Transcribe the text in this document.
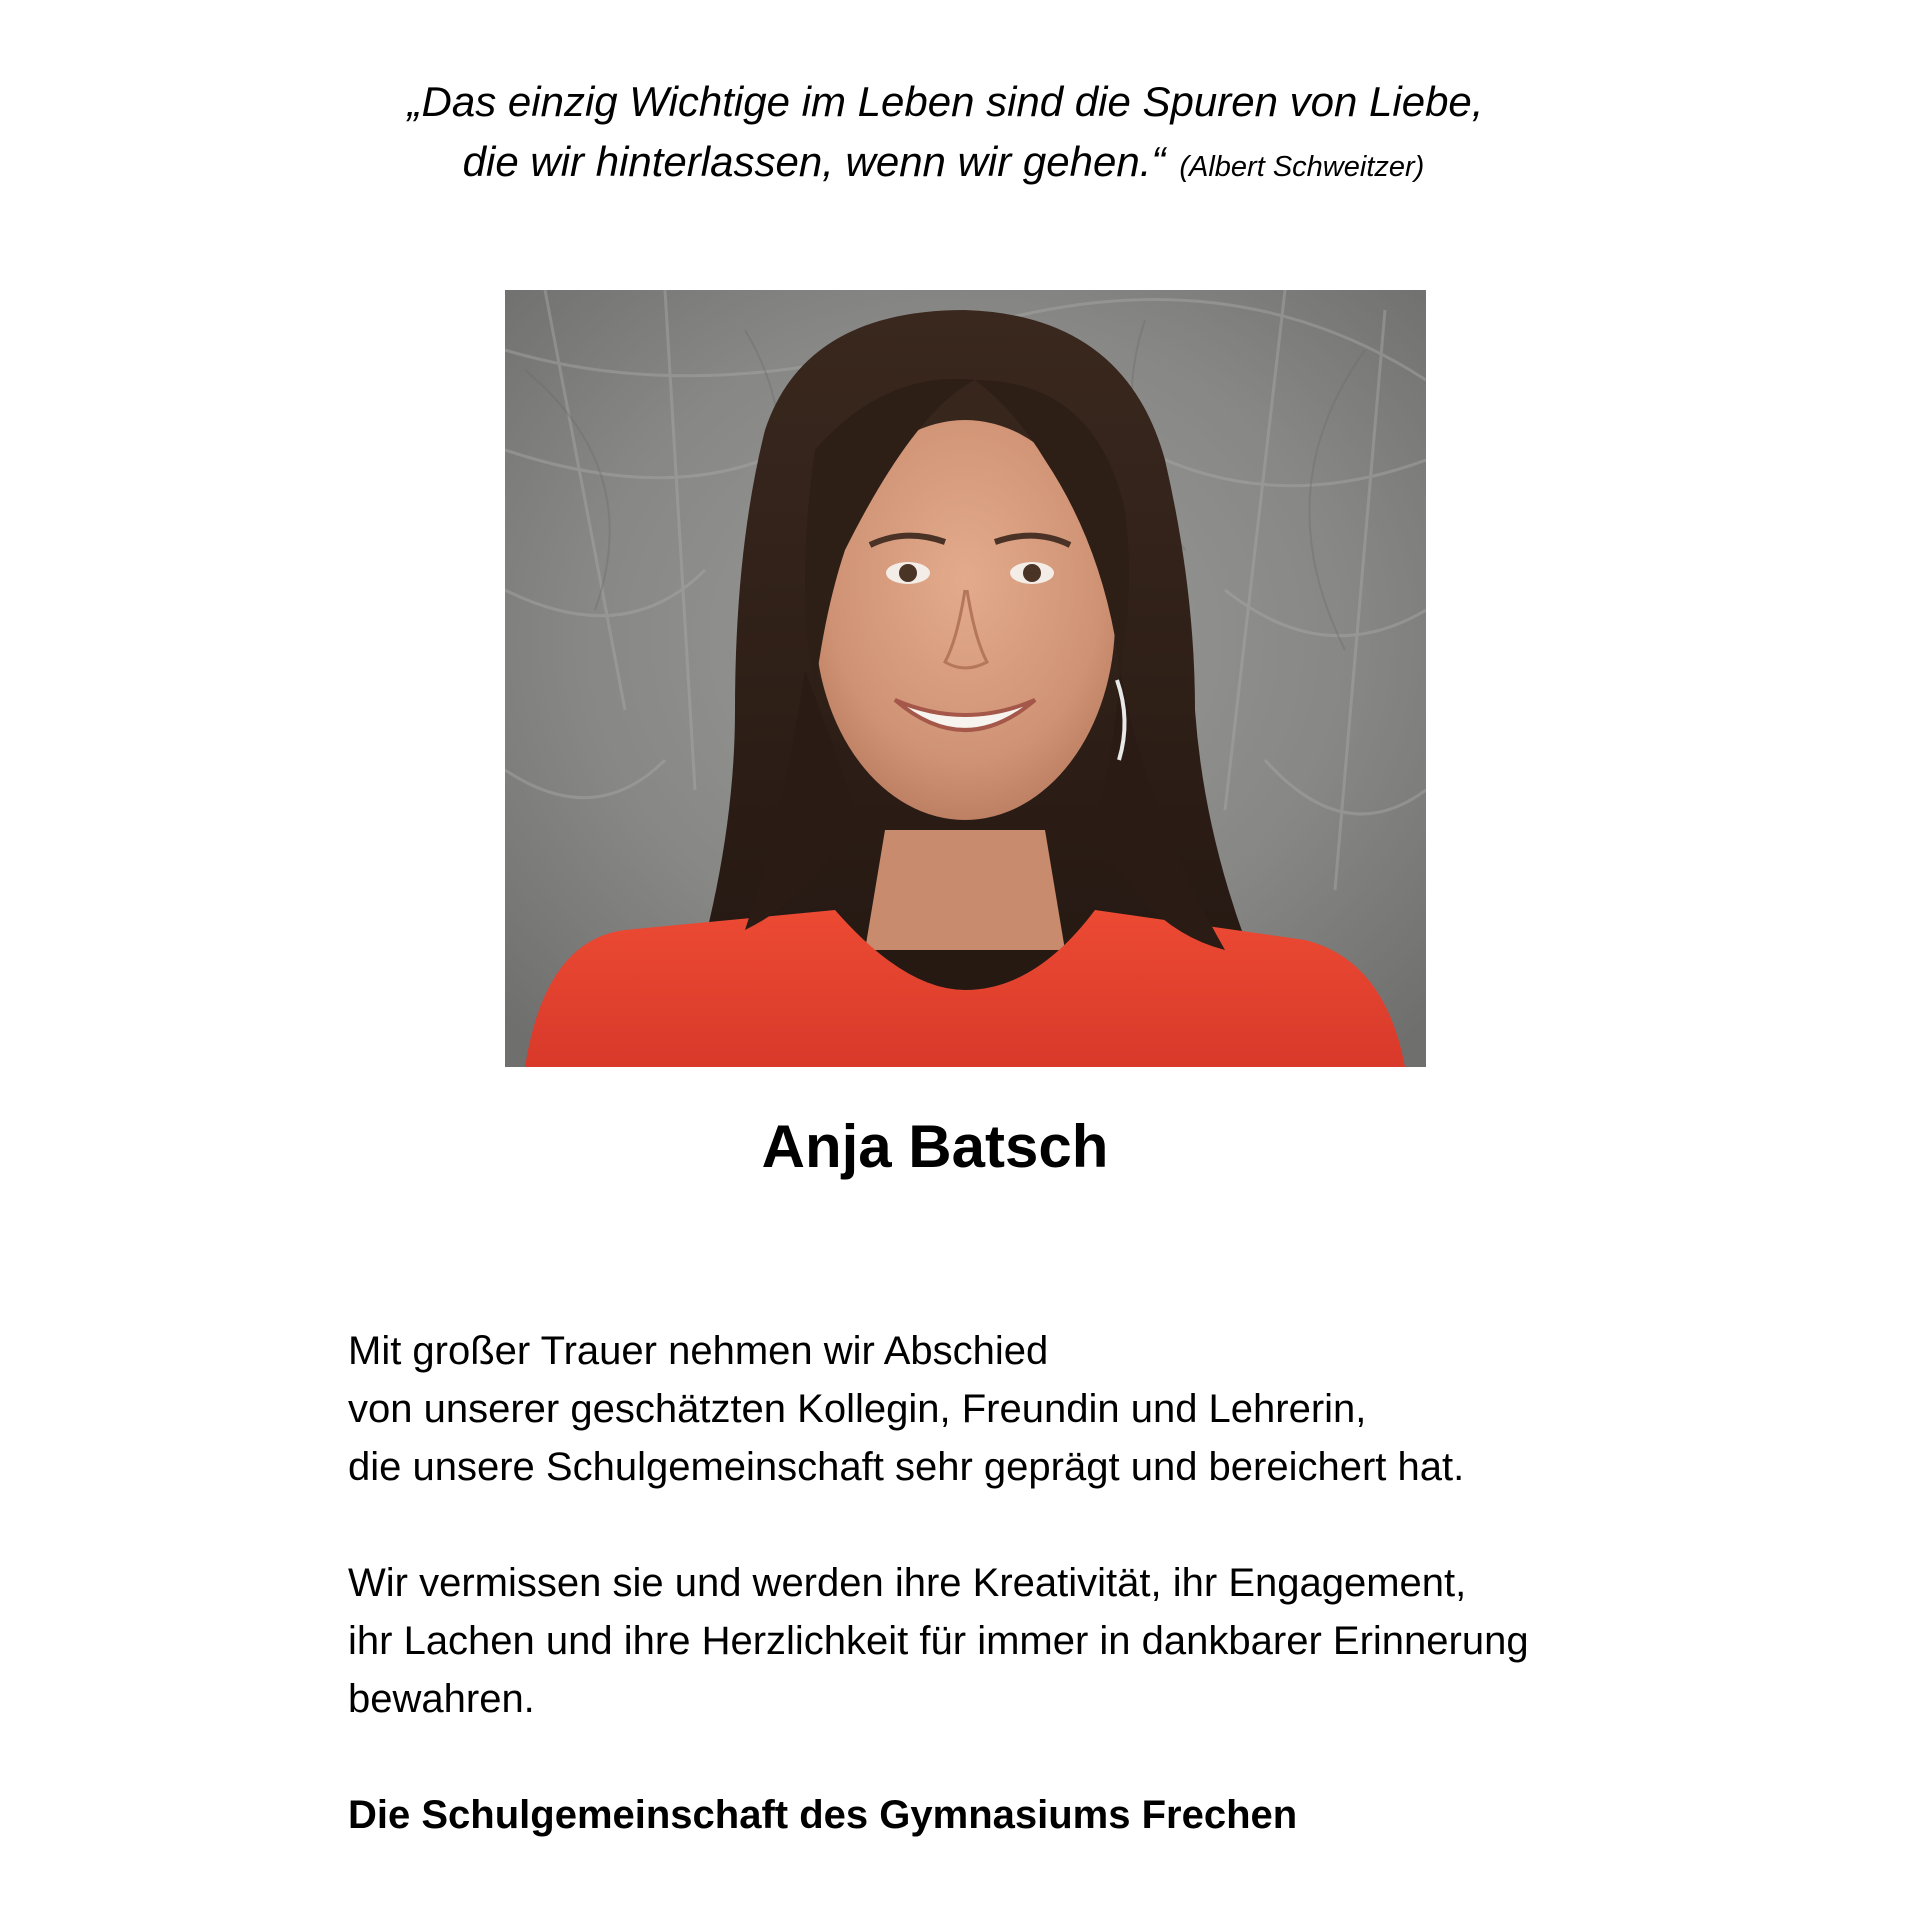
„Das einzig Wichtige im Leben sind die Spuren von Liebe,
die wir hinterlassen, wenn wir gehen.“ (Albert Schweitzer)
Anja Batsch

Mit großer Trauer nehmen wir Abschied
von unserer geschätzten Kollegin, Freundin und Lehrerin,
die unsere Schulgemeinschaft sehr geprägt und bereichert hat.

Wir vermissen sie und werden ihre Kreativität, ihr Engagement,
ihr Lachen und ihre Herzlichkeit für immer in dankbarer Erinnerung
bewahren.

Die Schulgemeinschaft des Gymnasiums Frechen
